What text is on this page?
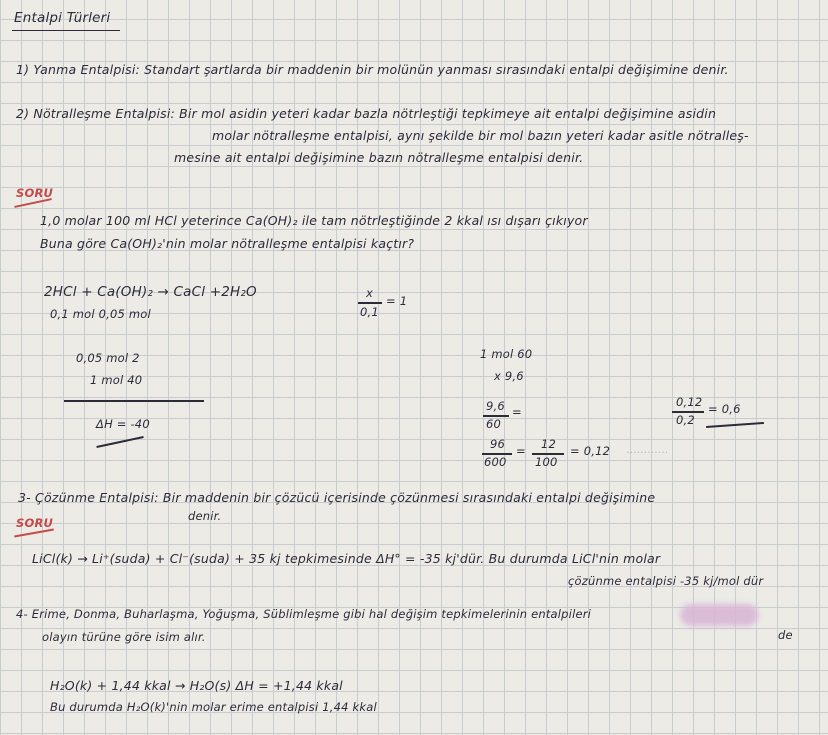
Entalpi Türleri
1) Yanma Entalpisi: Standart şartlarda bir maddenin bir molünün yanması sırasındaki entalpi değişimine denir.
2) Nötralleşme Entalpisi: Bir mol asidin yeteri kadar bazla nötrleştiği tepkimeye ait entalpi değişimine asidin
molar nötralleşme entalpisi, aynı şekilde bir mol bazın yeteri kadar asitle nötralleş-
mesine ait entalpi değişimine bazın nötralleşme entalpisi denir.
SORU
1,0 molar 100 ml HCl yeterince Ca(OH)₂ ile tam nötrleştiğinde 2 kkal ısı dışarı çıkıyor
Buna göre Ca(OH)₂'nin molar nötralleşme entalpisi kaçtır?
2HCl + Ca(OH)₂ → CaCl +2H₂O
0,1 mol 0,05 mol
x
0,1
= 1
0,05 mol 2
1 mol 40
ΔH = -40
1 mol 60
x 9,6
9,6
60
=
96
600
= 12
100
= 0,12 ············
0,12
0,2
= 0,6
3- Çözünme Entalpisi: Bir maddenin bir çözücü içerisinde çözünmesi sırasındaki entalpi değişimine
denir.
SORU
LiCl(k) → Li⁺(suda) + Cl⁻(suda) + 35 kj tepkimesinde ΔH° = -35 kj'dür. Bu durumda LiCl'nin molar
çözünme entalpisi -35 kj/mol dür
4- Erime, Donma, Buharlaşma, Yoğuşma, Süblimleşme gibi hal değişim tepkimelerinin entalpileri
de
olayın türüne göre isim alır.
H₂O(k) + 1,44 kkal → H₂O(s) ΔH = +1,44 kkal
Bu durumda H₂O(k)'nin molar erime entalpisi 1,44 kkal
